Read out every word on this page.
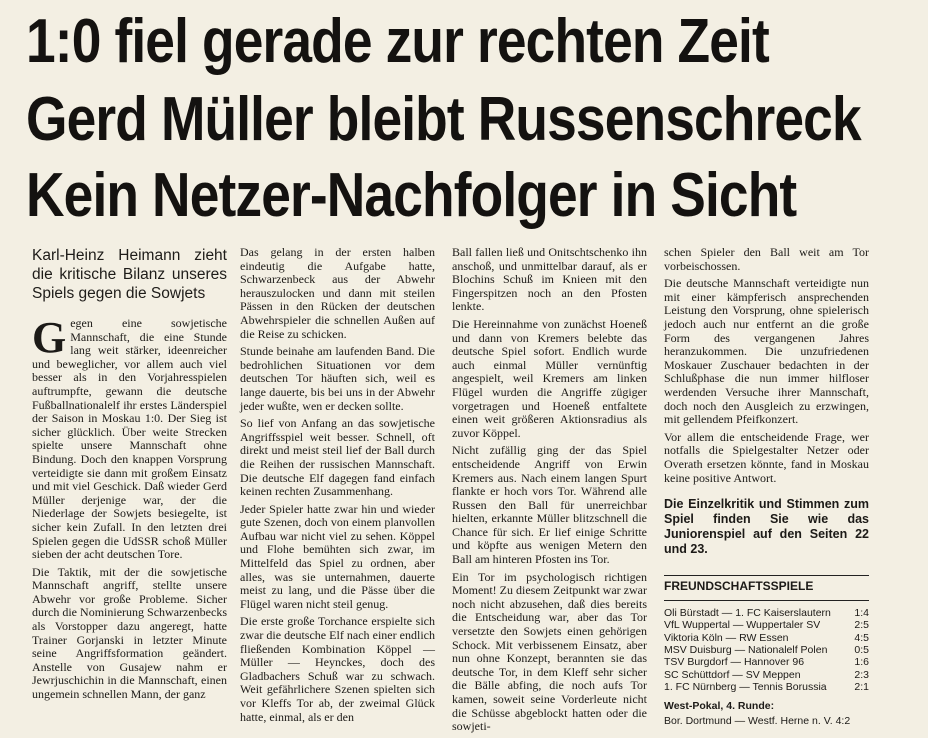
1:0 fiel gerade zur rechten Zeit
Gerd Müller bleibt Russenschreck
Kein Netzer-Nachfolger in Sicht
Karl-Heinz Heimann zieht die kritische Bilanz unseres Spiels gegen die Sowjets

Gegen eine sowjetische Mannschaft, die eine Stunde lang weit stärker, ideenreicher und beweglicher, vor allem auch viel besser als in den Vorjahresspielen auftrumpfte, gewann die deutsche Fußballnationalelf ihr erstes Länderspiel der Saison in Moskau 1:0. Der Sieg ist sicher glücklich. Über weite Strecken spielte unsere Mannschaft ohne Bindung. Doch den knappen Vorsprung verteidigte sie dann mit großem Einsatz und mit viel Geschick. Daß wieder Gerd Müller derjenige war, der die Niederlage der Sowjets besiegelte, ist sicher kein Zufall. In den letzten drei Spielen gegen die UdSSR schoß Müller sieben der acht deutschen Tore.

Die Taktik, mit der die sowjetische Mannschaft angriff, stellte unsere Abwehr vor große Probleme. Sicher durch die Nominierung Schwarzenbecks als Vorstopper dazu angeregt, hatte Trainer Gorjanski in letzter Minute seine Angriffsformation geändert. Anstelle von Gusajew nahm er Jewrjuschichin in die Mannschaft, einen ungemein schnellen Mann, der ganz

Das gelang in der ersten halben eindeutig die Aufgabe hatte, Schwarzenbeck aus der Abwehr herauszulocken und dann mit steilen Pässen in den Rücken der deutschen Abwehrspieler die schnellen Außen auf die Reise zu schicken.

Stunde beinahe am laufenden Band. Die bedrohlichen Situationen vor dem deutschen Tor häuften sich, weil es lange dauerte, bis bei uns in der Abwehr jeder wußte, wen er decken sollte.

So lief von Anfang an das sowjetische Angriffsspiel weit besser. Schnell, oft direkt und meist steil lief der Ball durch die Reihen der russischen Mannschaft. Die deutsche Elf dagegen fand einfach keinen rechten Zusammenhang.

Jeder Spieler hatte zwar hin und wieder gute Szenen, doch von einem planvollen Aufbau war nicht viel zu sehen. Köppel und Flohe bemühten sich zwar, im Mittelfeld das Spiel zu ordnen, aber alles, was sie unternahmen, dauerte meist zu lang, und die Pässe über die Flügel waren nicht steil genug.

Die erste große Torchance erspielte sich zwar die deutsche Elf nach einer endlich fließenden Kombination Köppel — Müller — Heynckes, doch des Gladbachers Schuß war zu schwach. Weit gefährlichere Szenen spielten sich vor Kleffs Tor ab, der zweimal Glück hatte, einmal, als er den

Ball fallen ließ und Onitschtschenko ihn anschoß, und unmittelbar darauf, als er Blochins Schuß im Knieen mit den Fingerspitzen noch an den Pfosten lenkte.

Die Hereinnahme von zunächst Hoeneß und dann von Kremers belebte das deutsche Spiel sofort. Endlich wurde auch einmal Müller vernünftig angespielt, weil Kremers am linken Flügel wurden die Angriffe zügiger vorgetragen und Hoeneß entfaltete einen weit größeren Aktionsradius als zuvor Köppel.

Nicht zufällig ging der das Spiel entscheidende Angriff von Erwin Kremers aus. Nach einem langen Spurt flankte er hoch vors Tor. Während alle Russen den Ball für unerreichbar hielten, erkannte Müller blitzschnell die Chance für sich. Er lief einige Schritte und köpfte aus wenigen Metern den Ball am hinteren Pfosten ins Tor.

Ein Tor im psychologisch richtigen Moment! Zu diesem Zeitpunkt war zwar noch nicht abzusehen, daß dies bereits die Entscheidung war, aber das Tor versetzte den Sowjets einen gehörigen Schock. Mit verbissenem Einsatz, aber nun ohne Konzept, berannten sie das deutsche Tor, in dem Kleff sehr sicher die Bälle abfing, die noch aufs Tor kamen, soweit seine Vorderleute nicht die Schüsse abgeblockt hatten oder die sowjeti-

schen Spieler den Ball weit am Tor vorbeischossen.

Die deutsche Mannschaft verteidigte nun mit einer kämpferisch ansprechenden Leistung den Vorsprung, ohne spielerisch jedoch auch nur entfernt an die große Form des vergangenen Jahres heranzukommen. Die unzufriedenen Moskauer Zuschauer bedachten in der Schlußphase die nun immer hilfloser werdenden Versuche ihrer Mannschaft, doch noch den Ausgleich zu erzwingen, mit gellendem Pfeifkonzert.

Vor allem die entscheidende Frage, wer notfalls die Spielgestalter Netzer oder Overath ersetzen könnte, fand in Moskau keine positive Antwort.

Die Einzelkritik und Stimmen zum Spiel finden Sie wie das Juniorenspiel auf den Seiten 22 und 23.
FREUNDSCHAFTSSPIELE
Oli Bürstadt — 1. FC Kaiserslautern 1:4
VfL Wuppertal — Wuppertaler SV	2:5
Viktoria Köln — RW Essen	4:5
MSV Duisburg — Nationalelf Polen	0:5
TSV Burgdorf — Hannover 96	1:6
SC Schüttdorf — SV Meppen	2:3
1. FC Nürnberg — Tennis Borussia	2:1
West-Pokal, 4. Runde:
Bor. Dortmund — Westf. Herne n. V. 4:2
